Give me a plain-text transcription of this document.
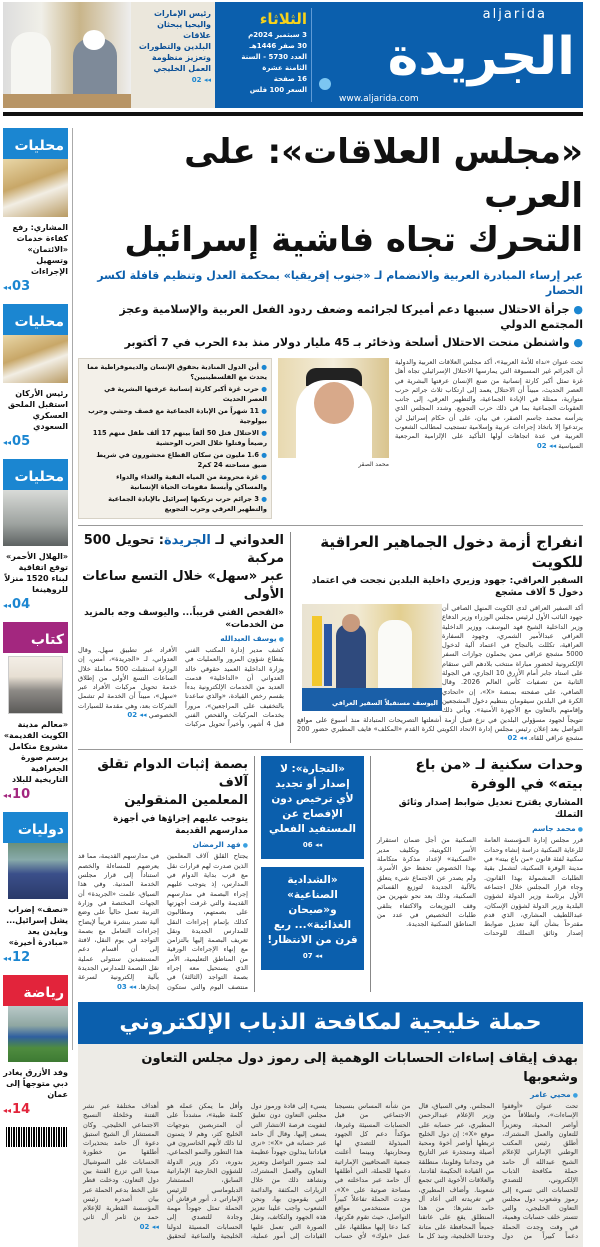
رئيس الإمارات
واليحيا يبحثان علاقات
البلدين والتطورات
وتعزيز منظومة
العمل الخليجي ◂◂ 02
الثلاثاء
3 سبتمبر 2024م
30 صفر 1446هـ
العدد 5730 - السنة الثامنة عشرة
16 صفحة
السعر 100 فلس
aljarida
الجريدة
www.aljarida.com
محليات
المشاري: رفع كفاءة خدمات «الائتمان» وتسهيل الإجراءات
◂◂ 03
محليات
رئيس الأركان استقبل الملحق العسكري السعودي
◂◂ 05
محليات
«الهلال الأحمر» توقع اتفاقية لبناء 1520 منزلاً للروهينغا
◂◂ 04
كتاب
«معالم مدينة الكويت القديمة» مشروع متكامل يرسم صورة الجغرافية التاريخية للبلاد
◂◂ 10
دوليات
«نصف» إضراب يشل إسرائيل... وبايدن يعد «مبادرة أخيرة»
◂◂ 12
رياضة
وفد الأزرق يغادر دبي متوجهاً إلى عمان
◂◂ 14
«مجلس العلاقات»: على العرب
التحرك تجاه فاشية إسرائيل
عبر إرساء المبادرة العربية والانضمام لـ «جنوب إفريقيا» بمحكمة العدل وتنظيم قافلة لكسر الحصار
● جرأة الاحتلال سببها دعم أميركا لجرائمه وضعف ردود الفعل العربية والإسلامية وعجز المجتمع الدولي
● واشنطن منحت الاحتلال أسلحة وذخائر بـ 45 مليار دولار منذ بدء الحرب في 7 أكتوبر
تحت عنوان «نداء للأمة العربية»، أكد مجلس العلاقات العربية والدولية أن الجرائم غير المسبوقة التي يمارسها الاحتلال الإسرائيلي تجاه أهل غزة تمثل أكبر كارثة إنسانية من صنع الإنسان عرفتها البشرية في العصر الحديث، مبيناً أن الاحتلال يعمد إلى ارتكاب ثلاث جرائم حرب متوازية، ممثلة في الإبادة الجماعية، والتطهير العرقي، إلى جانب العقوبات الجماعية بما في ذلك حرب التجويع. وشدد المجلس الذي يترأسه محمد جاسم الصقر، في بيان، على أن حكام إسرائيل لن يرتدعوا إلا باتخاذ إجراءات عربية وإسلامية تستجيب لمطالب الشعوب العربية في عدة اتجاهات أولها التأكيد على الإلزامية المرجعية السياسية ◂◂ 02
محمد الصقر
● أين الدول المنادية بحقوق الإنسان والديموقراطية مما يحدث مع الفلسطينيين؟
● حرب غزة أكبر كارثة إنسانية عرفتها البشرية في العصر الحديث
● 11 شهراً من الإبادة الجماعية مع قصف وحشي وحرب بيولوجية
● الاحتلال قتل 50 ألفاً بينهم 17 ألف طفل منهم 115 رضيعاً وقتلوا خلال الحرب الوحشية
● 1.6 مليون من سكان القطاع محشورون في شريط ضيق مساحته 24 كم2
● غزة محرومة من المياه النقية والغذاء والدواء والمساكن وأبسط مقومات الحياة الإنسانية
● 3 جرائم حرب ترتكبها إسرائيل بالإبادة الجماعية والتطهير العرقي وحرب التجويع
انفراج أزمة دخول الجماهير العراقية للكويت
السفير العراقي: جهود وزيري داخلية البلدين نجحت في اعتماد دخول 5 آلاف مشجع
اليوسف مستقبلاً السفير العراقي
أكد السفير العراقي لدى الكويت المنهل الصافي أن جهود النائب الأول لرئيس مجلس الوزراء وزير الدفاع وزير الداخلية الشيخ فهد اليوسف، ووزير الداخلية العراقي عبدالأمير الشمري، وجهود السفارة العراقية، تكللت بالنجاح في اعتماد آلية لدخول 5000 مشجع عراقي ممن يحملون جوازات السفر الإلكترونية لحضور مباراة منتخب بلادهم التي ستقام على استاد جابر أمام الأزرق 10 الجاري، في الجولة الثانية من تصفيات كأس العالم 2026. وقال الصافي، على صفحته بمنصة «X»، إن «اتحادي الكرة في البلدين سيقومان بتنظيم دخول المشجعين وإقامتهم بالتعاون مع الأجهزة الأمنية». ويأتي ذلك تتويجاً لجهود مسؤولي البلدين في نزع فتيل أزمة أشعلتها التصريحات المتبادلة منذ أسبوع على مواقع التواصل بعد إعلان رئيس مجلس إدارة الاتحاد الكويتي لكرة القدم «المكلف» فايف المطيري حضور 200 مشجع عراقي للقاء. ◂◂ 02
العدواني لـ الجريدة: تحويل 500 مركبة
عبر «سهل» خلال التسع ساعات الأولى
«الفحص الفني قريباً... واليوسف وجه بالمزيد من الخدمات»
● يوسف العبدالله
كشف مدير إدارة المكتب الفني بقطاع شؤون المرور والعمليات في وزارة الداخلية العميد حقوقي خالد العدواني أن «الداخلية» قدمت العديد من الخدمات الإلكترونية بدءاً بقسم رخص القيادة، «والذي ساعدنا بالتخفيف على المراجعين»، مروراً بخدمات المركبات والفحص الفني قبل 4 أشهر، وأخيراً تحويل مركبات الأفراد عبر تطبيق سهل. وقال العدواني، لـ «الجريدة»، أمس، إن الوزارة استقبلت 500 معاملة خلال الساعات التسع الأولى من إطلاق خدمة تحويل مركبات الأفراد عبر «سهل»، مبيناً أن الخدمة لم تشمل الشركات بعد، وهي مقدمة للسيارات الخصوصي ◂◂ 02
وحدات سكنية لـ «من باع بيته» في الوفرة
المشاري يقترح تعديل ضوابط إصدار وثائق التملك
● محمد جاسم
قرر مجلس إدارة المؤسسة العامة للرعاية السكنية دراسة إنشاء وحدات سكنية لفئة قانون «من باع بيته» في مدينة الوفرة السكنية، لتشمل بقية الطلبات المشمولة بهذا القانون. وجاء قرار المجلس خلال اجتماعه الأول برئاسة وزير الدولة لشؤون البلدية وزير الدولة لشؤون الإسكان، عبداللطيف المشاري، الذي قدم مقترحاً بشأن آلية تعديل ضوابط إصدار وثائق التملك للوحدات السكنية من أجل ضمان استقرار الأسر الكويتية، وتكليف مدير «السكنية» لإعداد مذكرة متكاملة بهذا الخصوص تحفظ حق الأسرة. ولم يصدر عن الاجتماع شيء يتعلق بالآلية الجديدة لتوزيع القسائم السكنية، وذلك بعد نحو شهرين من وقف التوزيعات والاكتفاء بتلقي طلبات التخصيص في عدد من المناطق السكنية الجديدة.
«التجارة»: لا إصدار أو تجديد لأي ترخيص دون الإفصاح عن المستفيد الفعلي ◂◂ 06
«الشدادية الصناعية» و«صبحان الغذائية»... ربع قرن من الانتظار! ◂◂ 07
بصمة إثبات الدوام تقلق آلاف
المعلمين المنقولين
يتوجب عليهم إجراؤها في أجهزة مدارسهم القديمة
● فهد الرمضان
يجتاح القلق آلاف المعلمين الذين صدرت لهم قرارات نقل مع قرب بداية الدوام في المدارس، إذ يتوجب عليهم إجراء البصمة في مدارسهم القديمة والتي غرفت أجهزتها على بصمتهم، ومطالبون كذلك بإتمام إجراءات النقل للمدارس الجديدة ونقل تعريف البصمة إليها بالتزامن مع إنهاء الإجراءات الورقية من المناطق التعليمية، الأمر الذي يستحيل معه إجراء بصمة التواجد (الثالثة) في منتصف اليوم والتي ستكون في مدارسهم القديمة، مما قد يعرضهم للمساءلة والخصم استناداً إلى قرار مجلس الخدمة المدنية. وفي هذا السياق، علمت «الجريدة» أن الجهات المختصة في وزارة التربية تعمل حالياً على وضع آلية تصدر بنشرة قريباً لإيضاح إجراءات التعامل مع بصمة التواجد في يوم النقل، لافتة إلى أن أقسام دعم المستفيدين ستتولى عملية نقل البصمة للمدارس الجديدة بآلية إلكترونية لسرعة إنجازها. ◂◂ 03
حملة خليجية لمكافحة الذباب الإلكتروني
بهدف إيقاف إساءات الحسابات الوهمية إلى رموز دول مجلس التعاون وشعوبها
● محيي عامر
تحت عنوان «أوقفوا الإساءات»، وانطلاقاً من أواصر المحبة، وتعزيزاً للتعاون والعمل المشترك، أطلق رئيس المكتب الوطني الإماراتي للإعلام الشيخ عبدالله آل حامد حملة مكافحة الذباب الإلكتروني، للتصدي للحسابات التي تسيء إلى رموز وشعوب دول مجلس التعاون الخليجي، والتي تتستر خلف حسابات وهمية، في وقت وجدت الحملة دعماً كبيراً من دول المجلس. وفي السياق، قال وزير الإعلام عبدالرحمن المطيري، عبر حسابه على موقع «X»: إن دول الخليج تربطها أواصر أخوة ومحبة أصيلة ومتجذرة عبر التاريخ في وجداننا وقلوبنا، منطلقة من القيادة الحكيمة لقادتنا، والعلاقات الأخوية التي تجمع شعوبنا. وأضاف المطيري، في تغريدته التي أعاد آل حامد نشرها: من هذا المنطلق يقع على عاتقنا جميعاً المحافظة على متانة وحدتنا الخليجية، ونبذ كل ما من شأنه المساس بنسيجنا الاجتماعي من قبل الحسابات المسيئة وغيرها، مؤكداً دعم كل الجهود المبذولة للتصدي لها ومحاربتها. وبينما أعلنت جمعية الصحافيين الإماراتية دعمها للحملة، التي أطلقها آل حامد عبر مداخلته في مساحة صوتية على «X»، وجدت الحملة تفاعلاً كبيراً من مستخدمي مواقع التواصل، حيث تقوم فكرتها، كما دعا إليها مطلقها، على عمل «بلوك» لأي حساب يسيء إلى قادة ورموز دول مجلس التعاون دون تعليق لتفويت فرصة الانتشار التي يسعى إليها. وقال آل حامد عبر حسابه في «X»: «نرى قياداتنا يبذلون جهوداً عظيمة لمد جسور التواصل وتعزيز التعاون والعمل المشترك، ونشاهد ذلك من خلال الزيارات المكثفة والدائمة التي يقومون بها، ونحن الشعوب واجب علينا تعزيز هذه الجهود والتكاتف، ونقل الصورة التي تعمل عليها القيادات إلى أمور عملية، وأقل ما يمكن عمله هو كلمة طيبة»، مشدداً على أن المتربصين بتوجهات الخليج كثر، وهم لا يتمنون لنا ذلك لأنهم الخاسرون في هذا التطور والنمو الجماعي. بدوره، ذكر وزير الدولة للشؤون الخارجية الإماراتية السابق، المستشار الدبلوماسي للرئيس الإماراتي د. أنور قرقاش أن الحملة تمثل جهوداً مهمة وجادة للتصدي إلى الحسابات المسيئة لدولنا الخليجية والساعية لتحقيق أهداف مختلفة عبر نشر الفتنة وخلخلة النسيج الاجتماعي الخليجي. وكان المستشار آل الشيخ استبق دعوة آل حامد بتحذيرات أطلقها من خطورة الحسابات على السوشيال ميديا التي تزرع الفتنة بين دول التعاون. ودخلت قطر على الخط بدعم الحملة عبر بيان أصدره رئيس المؤسسة القطرية للإعلام حمد بن ثامر آل ثاني ◂◂ 02
